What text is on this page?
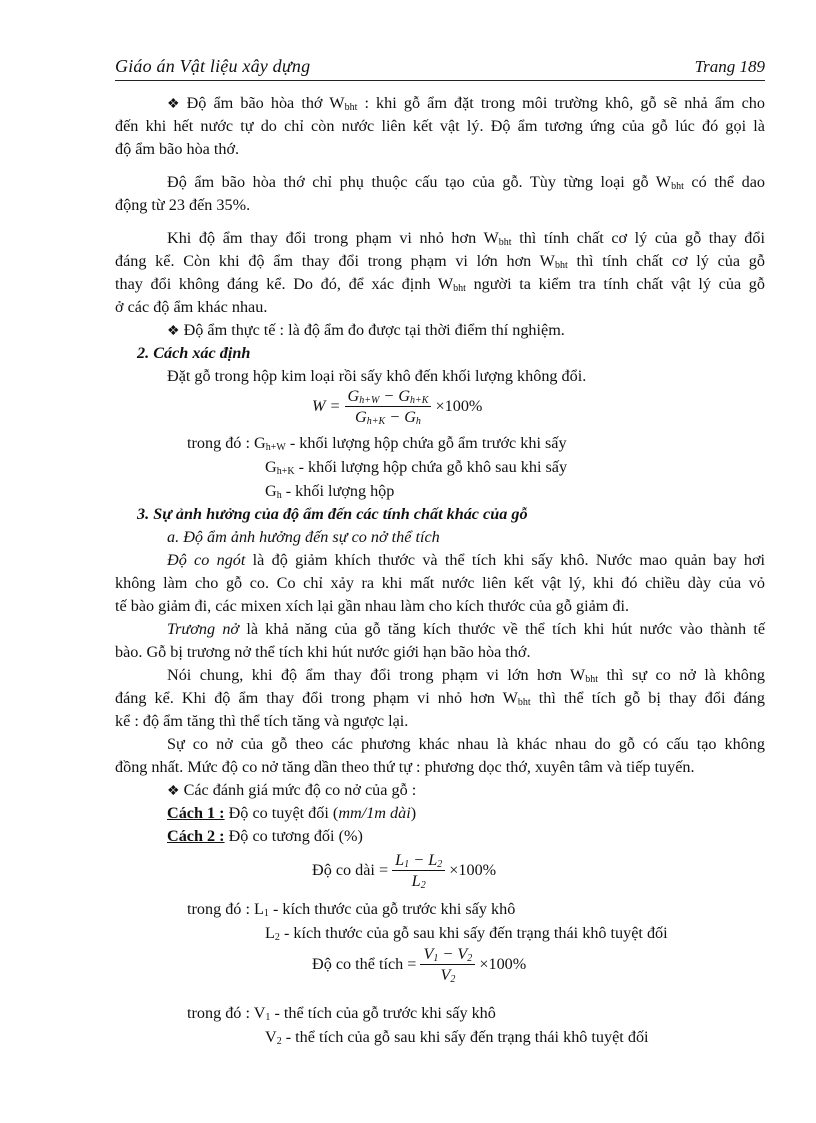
Giáo án Vật liệu xây dựng	Trang 189
❖ Độ ẩm bão hòa thớ $W_{bht}$ : khi gỗ ẩm đặt trong môi trường khô, gỗ sẽ nhả ẩm cho
đến khi hết nước tự do chỉ còn nước liên kết vật lý. Độ ẩm tương ứng của gỗ lúc đó gọi là
độ ẩm bão hòa thớ.
Độ ẩm bão hòa thớ chỉ phụ thuộc cấu tạo của gỗ. Tùy từng loại gỗ $W_{bht}$ có thể dao
động từ 23 đến 35%.
Khi độ ẩm thay đổi trong phạm vi nhỏ hơn $W_{bht}$ thì tính chất cơ lý của gỗ thay đổi
đáng kể. Còn khi độ ẩm thay đổi trong phạm vi lớn hơn $W_{bht}$ thì tính chất cơ lý của gỗ
thay đổi không đáng kể. Do đó, để xác định $W_{bht}$ người ta kiểm tra tính chất vật lý của gỗ
ở các độ ẩm khác nhau.
❖ Độ ẩm thực tế : là độ ẩm đo được tại thời điểm thí nghiệm.
2. Cách xác định
Đặt gỗ trong hộp kim loại rồi sấy khô đến khối lượng không đổi.
$W = \frac{G_{h+W} - G_{h+K}}{G_{h+K} - G_h} \times 100\%$
trong đó : $G_{h+W}$ - khối lượng hộp chứa gỗ ẩm trước khi sấy
$G_{h+K}$ - khối lượng hộp chứa gỗ khô sau khi sấy
$G_h$ - khối lượng hộp
3. Sự ảnh hưởng của độ ẩm đến các tính chất khác của gỗ
a. Độ ẩm ảnh hưởng đến sự co nở thể tích
Độ co ngót là độ giảm khích thước và thể tích khi sấy khô. Nước mao quản bay hơi
không làm cho gỗ co. Co chỉ xảy ra khi mất nước liên kết vật lý, khi đó chiều dày của vỏ
tế bào giảm đi, các mixen xích lại gần nhau làm cho kích thước của gỗ giảm đi.
Trương nở là khả năng của gỗ tăng kích thước về thể tích khi hút nước vào thành tế
bào. Gỗ bị trương nở thể tích khi hút nước giới hạn bão hòa thớ.
Nói chung, khi độ ẩm thay đổi trong phạm vi lớn hơn $W_{bht}$ thì sự co nở là không
đáng kể. Khi độ ẩm thay đổi trong phạm vi nhỏ hơn $W_{bht}$ thì thể tích gỗ bị thay đổi đáng
kể : độ ẩm tăng thì thể tích tăng và ngược lại.
Sự co nở của gỗ theo các phương khác nhau là khác nhau do gỗ có cấu tạo không
đồng nhất. Mức độ co nở tăng dần theo thứ tự : phương dọc thớ, xuyên tâm và tiếp tuyến.
❖ Các đánh giá mức độ co nở của gỗ :
Cách 1 : Độ co tuyệt đối (mm/1m dài)
Cách 2 : Độ co tương đối (%)
Độ co dài = $\frac{L_1 - L_2}{L_2} \times 100\%$
trong đó : $L_1$ - kích thước của gỗ trước khi sấy khô
$L_2$ - kích thước của gỗ sau khi sấy đến trạng thái khô tuyệt đối
Độ co thể tích = $\frac{V_1 - V_2}{V_2} \times 100\%$
trong đó : $V_1$ - thể tích của gỗ trước khi sấy khô
$V_2$ - thể tích của gỗ sau khi sấy đến trạng thái khô tuyệt đối
